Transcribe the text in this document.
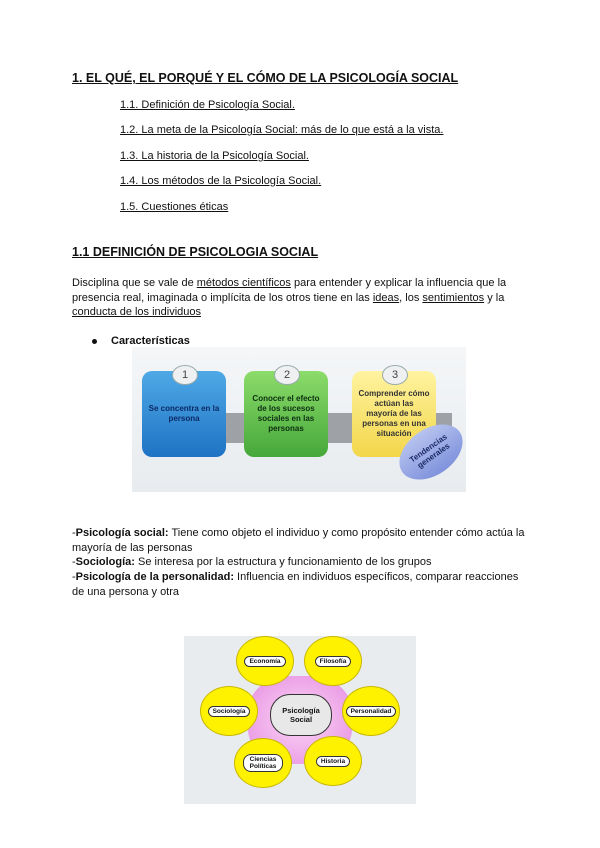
1. EL QUÉ, EL PORQUÉ Y EL CÓMO DE LA PSICOLOGÍA SOCIAL
1.1. Definición de Psicología Social.
1.2. La meta de la Psicología Social: más de lo que está a la vista.
1.3. La historia de la Psicología Social.
1.4. Los métodos de la Psicología Social.
1.5. Cuestiones éticas
1.1 DEFINICIÓN DE PSICOLOGIA SOCIAL
Disciplina que se vale de métodos científicos para entender y explicar la influencia que la presencia real, imaginada o implícita de los otros tiene en las ideas, los sentimientos y la conducta de los individuos
Características
Se concentra en la persona
Conocer el efecto de los sucesos sociales en las personas
Comprender cómo actúan las mayoría de las personas en una situación
1	2	3
Tendencias generales
-Psicología social: Tiene como objeto el individuo y como propósito entender cómo actúa la mayoría de las personas
-Sociología: Se interesa por la estructura y funcionamiento de los grupos
-Psicología de la personalidad: Influencia en individuos específicos, comparar reacciones de una persona y otra
Economía	Filosofía
Sociología	Personalidad
Ciencias Políticas
Historia
Psicología Social
